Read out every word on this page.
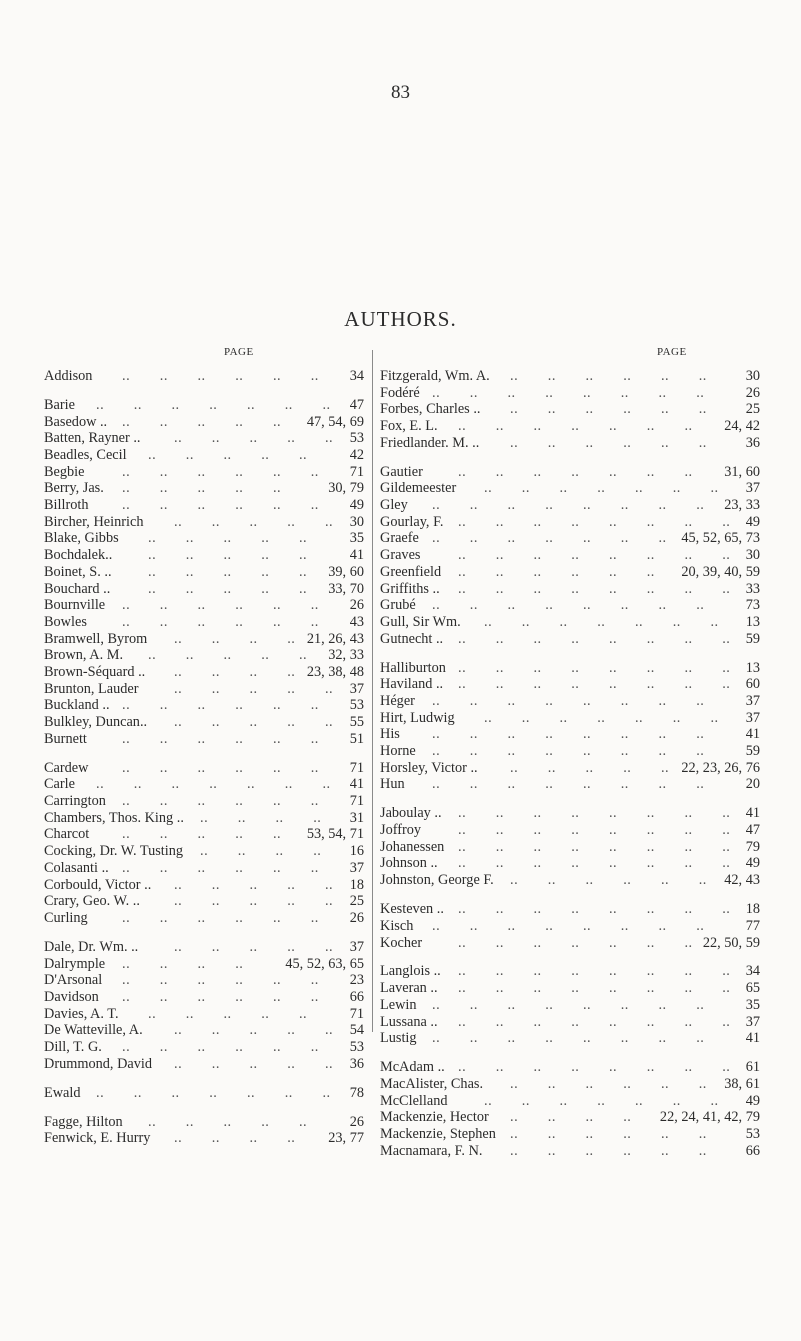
83
AUTHORS.
PAGE	PAGE
Addison	34
..  ..  ..  ..  ..  ..
Barie	47
..  ..  ..  ..  ..  ..  ..
Basedow ..	47, 54, 69
..  ..  ..  ..  ..
Batten, Rayner ..	53
..  ..  ..  ..  ..
Beadles, Cecil	42
..  ..  ..  ..  ..
Begbie	71
..  ..  ..  ..  ..  ..
Berry, Jas.	30, 79
..  ..  ..  ..  ..
Billroth	49
..  ..  ..  ..  ..  ..
Bircher, Heinrich	30
..  ..  ..  ..  ..
Blake, Gibbs	35
..  ..  ..  ..  ..
Bochdalek..	41
..  ..  ..  ..  ..
Boinet, S. ..	39, 60
..  ..  ..  ..  ..
Bouchard ..	33, 70
..  ..  ..  ..  ..
Bournville	26
..  ..  ..  ..  ..  ..
Bowles	43
..  ..  ..  ..  ..  ..
Bramwell, Byrom	21, 26, 43
..  ..  ..  ..
Brown, A. M.	32, 33
..  ..  ..  ..  ..
Brown-Séquard ..	23, 38, 48
..  ..  ..  ..
Brunton, Lauder	37
..  ..  ..  ..  ..
Buckland ..	53
..  ..  ..  ..  ..  ..
Bulkley, Duncan..	55
..  ..  ..  ..  ..
Burnett	51
..  ..  ..  ..  ..  ..
Cardew	71
..  ..  ..  ..  ..  ..
Carle	41
..  ..  ..  ..  ..  ..  ..
Carrington	71
..  ..  ..  ..  ..  ..
Chambers, Thos. King ..	31
..  ..  ..  ..
Charcot	53, 54, 71
..  ..  ..  ..  ..
Cocking, Dr. W. Tusting	16
..  ..  ..  ..
Colasanti ..	37
..  ..  ..  ..  ..  ..
Corbould, Victor ..	18
..  ..  ..  ..  ..
Crary, Geo. W. ..	25
..  ..  ..  ..  ..
Curling	26
..  ..  ..  ..  ..  ..
Dale, Dr. Wm. ..	37
..  ..  ..  ..  ..
Dalrymple	45, 52, 63, 65
..  ..  ..  ..
D'Arsonal	23
..  ..  ..  ..  ..  ..
Davidson	66
..  ..  ..  ..  ..  ..
Davies, A. T.	71
..  ..  ..  ..  ..
De Watteville, A.	54
..  ..  ..  ..  ..
Dill, T. G.	53
..  ..  ..  ..  ..  ..
Drummond, David	36
..  ..  ..  ..  ..
Ewald	78
..  ..  ..  ..  ..  ..  ..
Fagge, Hilton	26
..  ..  ..  ..  ..
Fenwick, E. Hurry	23, 77
..  ..  ..  ..
Fitzgerald, Wm. A.	30
..  ..  ..  ..  ..  ..
Fodéré	26
..  ..  ..  ..  ..  ..  ..  ..
Forbes, Charles ..	25
..  ..  ..  ..  ..  ..
Fox, E. L.	24, 42
..  ..  ..  ..  ..  ..  ..
Friedlander. M. ..	36
..  ..  ..  ..  ..  ..
Gautier	31, 60
..  ..  ..  ..  ..  ..  ..
Gildemeester	37
..  ..  ..  ..  ..  ..  ..
Gley	23, 33
..  ..  ..  ..  ..  ..  ..  ..
Gourlay, F.	49
..  ..  ..  ..  ..  ..  ..  ..
Graefe	45, 52, 65, 73
..  ..  ..  ..  ..  ..  ..
Graves	30
..  ..  ..  ..  ..  ..  ..  ..
Greenfield	20, 39, 40, 59
..  ..  ..  ..  ..  ..
Griffiths ..	33
..  ..  ..  ..  ..  ..  ..  ..
Grubé	73
..  ..  ..  ..  ..  ..  ..  ..
Gull, Sir Wm.	13
..  ..  ..  ..  ..  ..  ..
Gutnecht ..	59
..  ..  ..  ..  ..  ..  ..  ..
Halliburton	13
..  ..  ..  ..  ..  ..  ..  ..
Haviland ..	60
..  ..  ..  ..  ..  ..  ..  ..
Héger	37
..  ..  ..  ..  ..  ..  ..  ..
Hirt, Ludwig	37
..  ..  ..  ..  ..  ..  ..
His	41
..  ..  ..  ..  ..  ..  ..  ..
Horne	59
..  ..  ..  ..  ..  ..  ..  ..
Horsley, Victor ..	22, 23, 26, 76
..  ..  ..  ..  ..
Hun	20
..  ..  ..  ..  ..  ..  ..  ..
Jaboulay ..	41
..  ..  ..  ..  ..  ..  ..  ..
Joffroy	47
..  ..  ..  ..  ..  ..  ..  ..
Johanessen	79
..  ..  ..  ..  ..  ..  ..  ..
Johnson ..	49
..  ..  ..  ..  ..  ..  ..  ..
Johnston, George F.	42, 43
..  ..  ..  ..  ..  ..
Kesteven ..	18
..  ..  ..  ..  ..  ..  ..  ..
Kisch	77
..  ..  ..  ..  ..  ..  ..  ..
Kocher	22, 50, 59
..  ..  ..  ..  ..  ..  ..
Langlois ..	34
..  ..  ..  ..  ..  ..  ..  ..
Laveran ..	65
..  ..  ..  ..  ..  ..  ..  ..
Lewin	35
..  ..  ..  ..  ..  ..  ..  ..
Lussana ..	37
..  ..  ..  ..  ..  ..  ..  ..
Lustig	41
..  ..  ..  ..  ..  ..  ..  ..
McAdam ..	61
..  ..  ..  ..  ..  ..  ..  ..
MacAlister, Chas.	38, 61
..  ..  ..  ..  ..  ..
McClelland	49
..  ..  ..  ..  ..  ..  ..
Mackenzie, Hector	22, 24, 41, 42, 79
..  ..  ..  ..
Mackenzie, Stephen	53
..  ..  ..  ..  ..  ..
Macnamara, F. N.	66
..  ..  ..  ..  ..  ..
